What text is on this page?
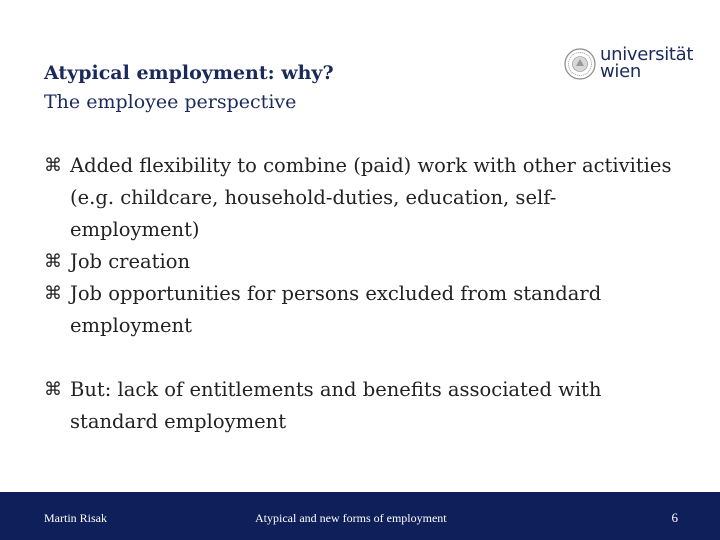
Atypical employment: why?
The employee perspective
universität
wien
⌘ Added flexibility to combine (paid) work with other activities (e.g. childcare, household-duties, education, self-employment)
⌘ Job creation
⌘ Job opportunities for persons excluded from standard employment
⌘ But: lack of entitlements and benefits associated with standard employment
Martin Risak	Atypical and new forms of employment	6
